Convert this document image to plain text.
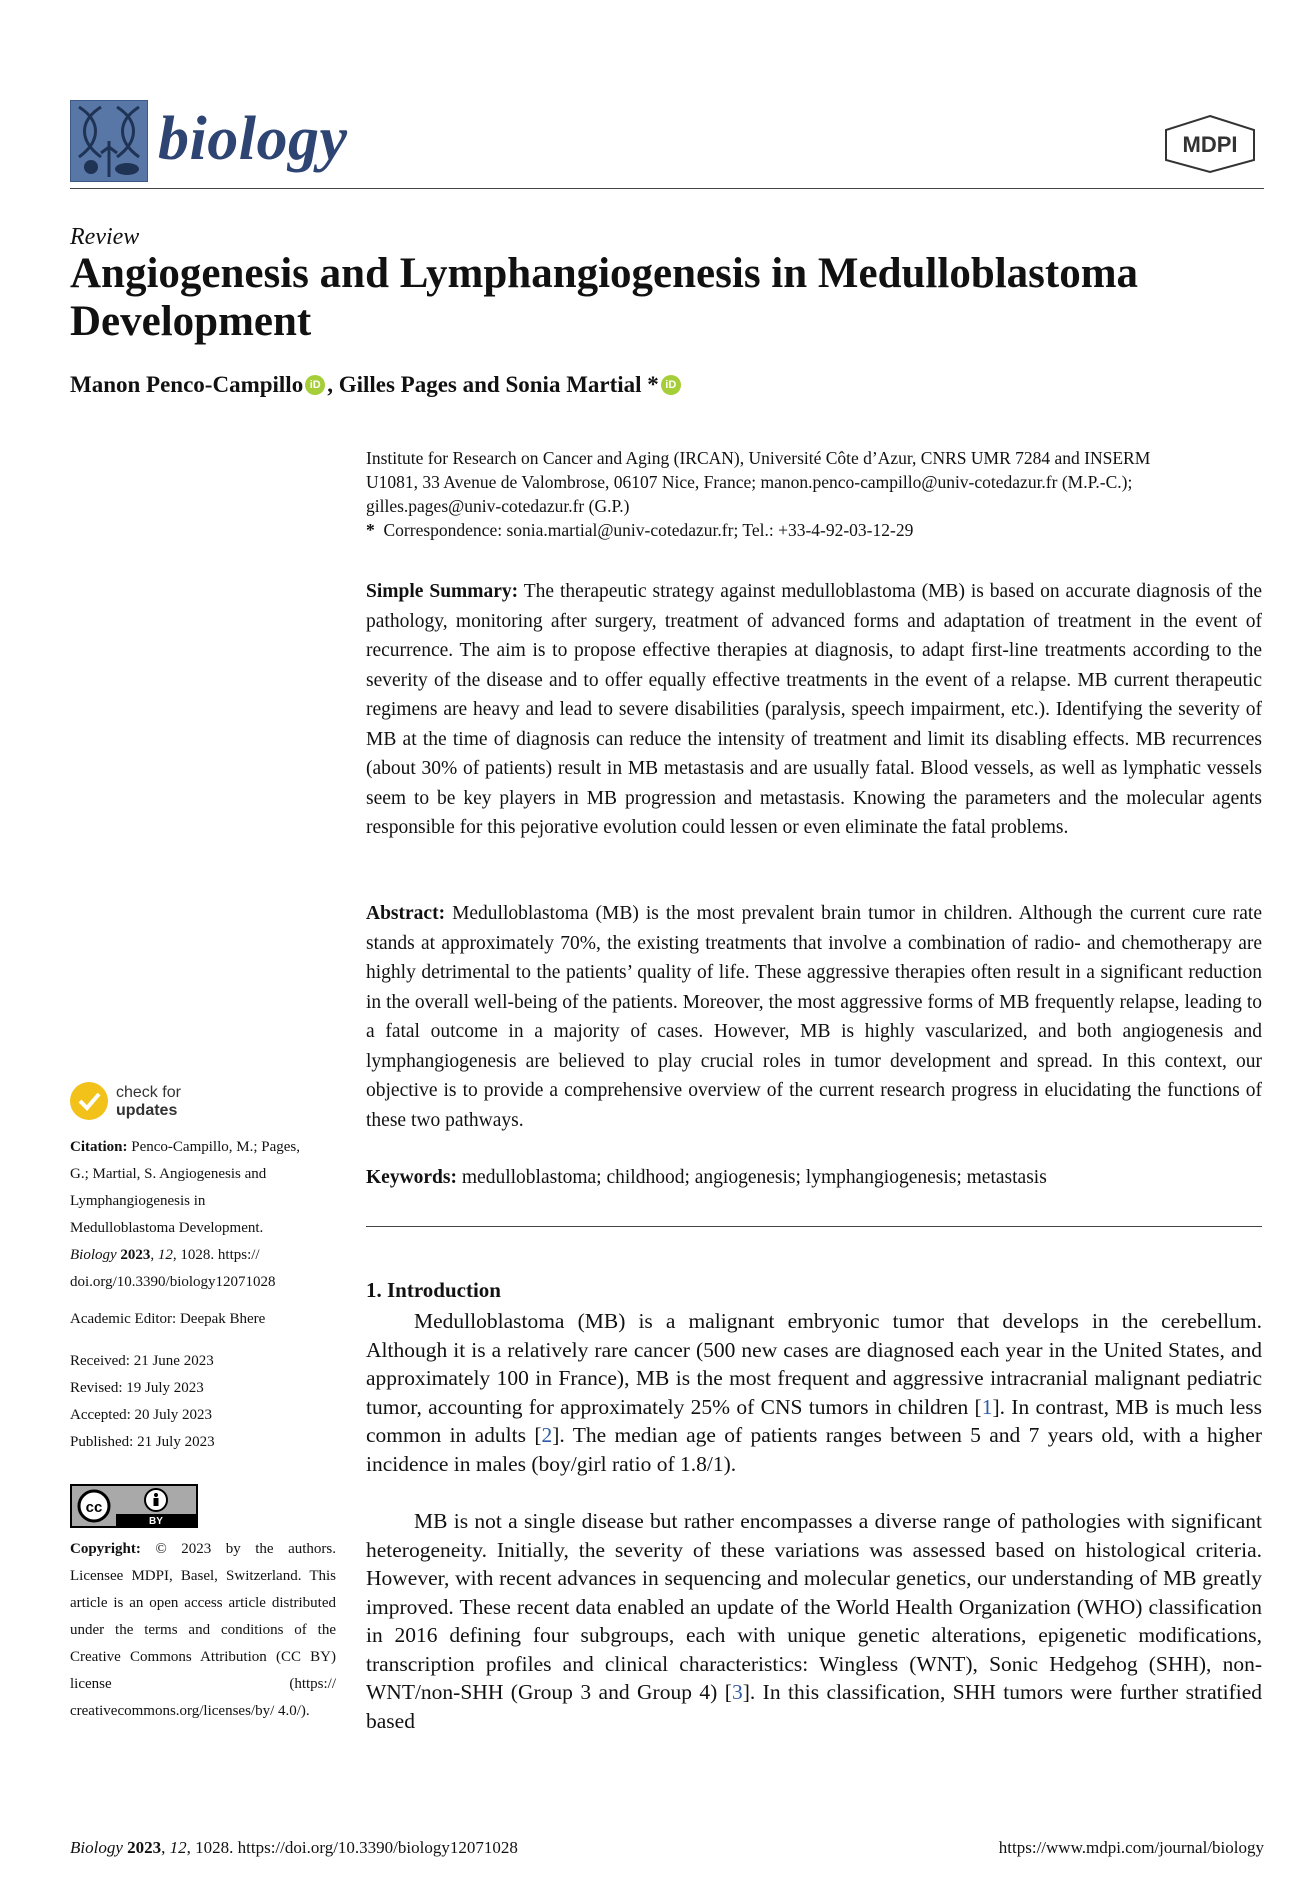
biology	MDPI
Review
Angiogenesis and Lymphangiogenesis in Medulloblastoma Development
Manon Penco-Campillo iD , Gilles Pages and Sonia Martial * iD
Institute for Research on Cancer and Aging (IRCAN), Université Côte d’Azur, CNRS UMR 7284 and INSERM
U1081, 33 Avenue de Valombrose, 06107 Nice, France; manon.penco-campillo@univ-cotedazur.fr (M.P.-C.);
gilles.pages@univ-cotedazur.fr (G.P.)
* Correspondence: sonia.martial@univ-cotedazur.fr; Tel.: +33-4-92-03-12-29
Simple Summary: The therapeutic strategy against medulloblastoma (MB) is based on accurate diagnosis of the pathology, monitoring after surgery, treatment of advanced forms and adaptation of treatment in the event of recurrence. The aim is to propose effective therapies at diagnosis, to adapt first-line treatments according to the severity of the disease and to offer equally effective treatments in the event of a relapse. MB current therapeutic regimens are heavy and lead to severe disabilities (paralysis, speech impairment, etc.). Identifying the severity of MB at the time of diagnosis can reduce the intensity of treatment and limit its disabling effects. MB recurrences (about 30% of patients) result in MB metastasis and are usually fatal. Blood vessels, as well as lymphatic vessels seem to be key players in MB progression and metastasis. Knowing the parameters and the molecular agents responsible for this pejorative evolution could lessen or even eliminate the fatal problems.
Abstract: Medulloblastoma (MB) is the most prevalent brain tumor in children. Although the current cure rate stands at approximately 70%, the existing treatments that involve a combination of radio- and chemotherapy are highly detrimental to the patients’ quality of life. These aggressive therapies often result in a significant reduction in the overall well-being of the patients. Moreover, the most aggressive forms of MB frequently relapse, leading to a fatal outcome in a majority of cases. However, MB is highly vascularized, and both angiogenesis and lymphangiogenesis are believed to play crucial roles in tumor development and spread. In this context, our objective is to provide a comprehensive overview of the current research progress in elucidating the functions of these two pathways.
Keywords: medulloblastoma; childhood; angiogenesis; lymphangiogenesis; metastasis
1. Introduction
Medulloblastoma (MB) is a malignant embryonic tumor that develops in the cerebellum. Although it is a relatively rare cancer (500 new cases are diagnosed each year in the United States, and approximately 100 in France), MB is the most frequent and aggressive intracranial malignant pediatric tumor, accounting for approximately 25% of CNS tumors in children [1]. In contrast, MB is much less common in adults [2]. The median age of patients ranges between 5 and 7 years old, with a higher incidence in males (boy/girl ratio of 1.8/1).
MB is not a single disease but rather encompasses a diverse range of pathologies with significant heterogeneity. Initially, the severity of these variations was assessed based on histological criteria. However, with recent advances in sequencing and molecular genetics, our understanding of MB greatly improved. These recent data enabled an update of the World Health Organization (WHO) classification in 2016 defining four subgroups, each with unique genetic alterations, epigenetic modifications, transcription profiles and clinical characteristics: Wingless (WNT), Sonic Hedgehog (SHH), non-WNT/non-SHH (Group 3 and Group 4) [3]. In this classification, SHH tumors were further stratified based
check for
updates
Citation: Penco-Campillo, M.; Pages,
G.; Martial, S. Angiogenesis and
Lymphangiogenesis in
Medulloblastoma Development.
Biology 2023, 12, 1028. https://
doi.org/10.3390/biology12071028
Academic Editor: Deepak Bhere
Received: 21 June 2023
Revised: 19 July 2023
Accepted: 20 July 2023
Published: 21 July 2023
cc
BY
Copyright: © 2023 by the authors. Licensee MDPI, Basel, Switzerland. This article is an open access article distributed under the terms and conditions of the Creative Commons Attribution (CC BY) license (https:// creativecommons.org/licenses/by/ 4.0/).
Biology 2023, 12, 1028. https://doi.org/10.3390/biology12071028	https://www.mdpi.com/journal/biology
